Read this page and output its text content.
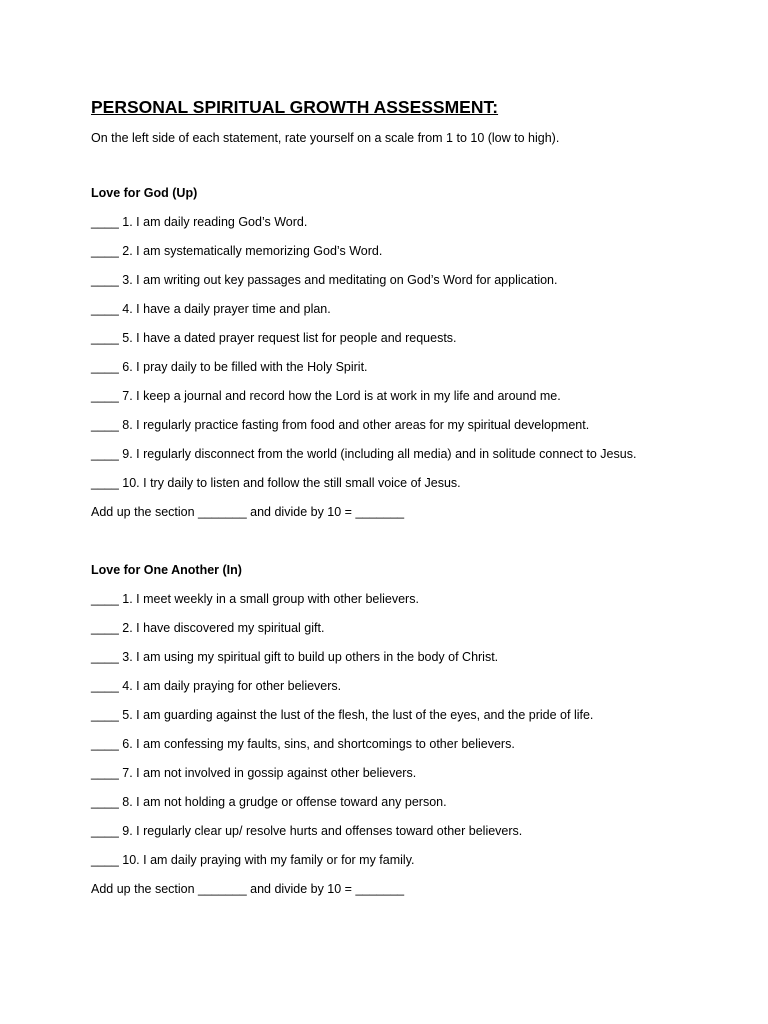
PERSONAL SPIRITUAL GROWTH ASSESSMENT:
On the left side of each statement, rate yourself on a scale from 1 to 10 (low to high).
Love for God (Up)
____ 1. I am daily reading God’s Word.
____ 2. I am systematically memorizing God’s Word.
____ 3. I am writing out key passages and meditating on God’s Word for application.
____ 4. I have a daily prayer time and plan.
____ 5. I have a dated prayer request list for people and requests.
____ 6. I pray daily to be filled with the Holy Spirit.
____ 7. I keep a journal and record how the Lord is at work in my life and around me.
____ 8. I regularly practice fasting from food and other areas for my spiritual development.
____ 9. I regularly disconnect from the world (including all media) and in solitude connect to Jesus.
____ 10. I try daily to listen and follow the still small voice of Jesus.
Add up the section _______ and divide by 10 = _______
Love for One Another (In)
____ 1. I meet weekly in a small group with other believers.
____ 2. I have discovered my spiritual gift.
____ 3. I am using my spiritual gift to build up others in the body of Christ.
____ 4. I am daily praying for other believers.
____ 5. I am guarding against the lust of the flesh, the lust of the eyes, and the pride of life.
____ 6. I am confessing my faults, sins, and shortcomings to other believers.
____ 7. I am not involved in gossip against other believers.
____ 8. I am not holding a grudge or offense toward any person.
____ 9. I regularly clear up/ resolve hurts and offenses toward other believers.
____ 10. I am daily praying with my family or for my family.
Add up the section _______ and divide by 10 = _______
